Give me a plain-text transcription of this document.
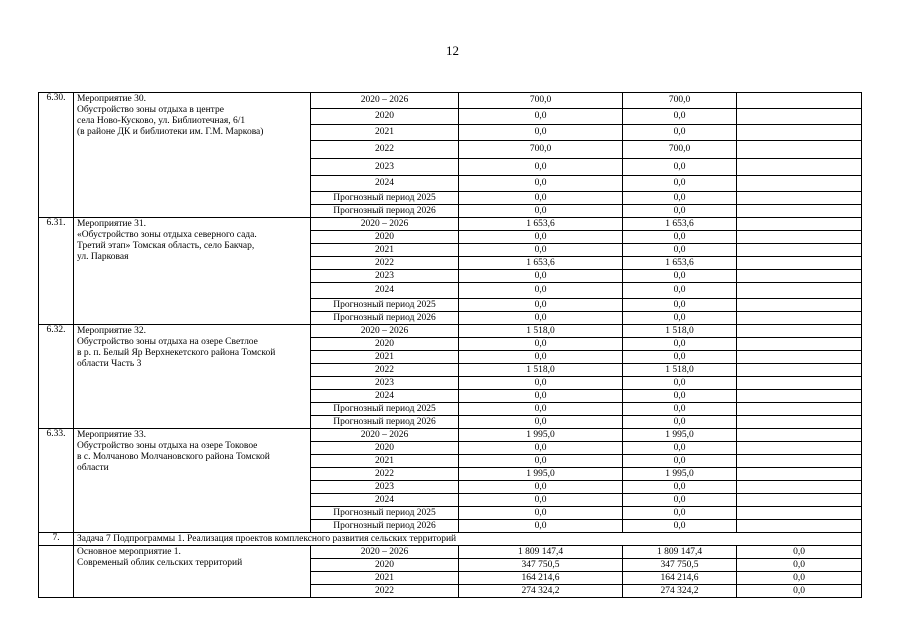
12
6.30.	Мероприятие 30.
Обустройство зоны отдыха в центре
села Ново-Кусково, ул. Библиотечная, 6/1
(в районе ДК и библиотеки им. Г.М. Маркова)	2020 – 2026	700,0	700,0	
		2020	0,0	0,0	
		2021	0,0	0,0	
		2022	700,0	700,0	
		2023	0,0	0,0	
		2024	0,0	0,0	
		Прогнозный период 2025	0,0	0,0	
		Прогнозный период 2026	0,0	0,0	
6.31.	Мероприятие 31.
«Обустройство зоны отдыха северного сада.
Третий этап» Томская область, село Бакчар,
ул. Парковая	2020 – 2026	1 653,6	1 653,6	
		2020	0,0	0,0	
		2021	0,0	0,0	
		2022	1 653,6	1 653,6	
		2023	0,0	0,0	
		2024	0,0	0,0	
		Прогнозный период 2025	0,0	0,0	
		Прогнозный период 2026	0,0	0,0	
6.32.	Мероприятие 32.
Обустройство зоны отдыха на озере Светлое
в р. п. Белый Яр Верхнекетского района Томской
области Часть 3	2020 – 2026	1 518,0	1 518,0	
		2020	0,0	0,0	
		2021	0,0	0,0	
		2022	1 518,0	1 518,0	
		2023	0,0	0,0	
		2024	0,0	0,0	
		Прогнозный период 2025	0,0	0,0	
		Прогнозный период 2026	0,0	0,0	
6.33.	Мероприятие 33.
Обустройство зоны отдыха на озере Токовое
в с. Молчаново Молчановского района Томской
области	2020 – 2026	1 995,0	1 995,0	
		2020	0,0	0,0	
		2021	0,0	0,0	
		2022	1 995,0	1 995,0	
		2023	0,0	0,0	
		2024	0,0	0,0	
		Прогнозный период 2025	0,0	0,0	
		Прогнозный период 2026	0,0	0,0	
7.	Задача 7 Подпрограммы 1. Реализация проектов комплексного развития сельских территорий				

	Основное мероприятие 1.
Современый облик сельских территорий	2020 – 2026	1 809 147,4	1 809 147,4	0,0
		2020	347 750,5	347 750,5	0,0
		2021	164 214,6	164 214,6	0,0
		2022	274 324,2	274 324,2	0,0
